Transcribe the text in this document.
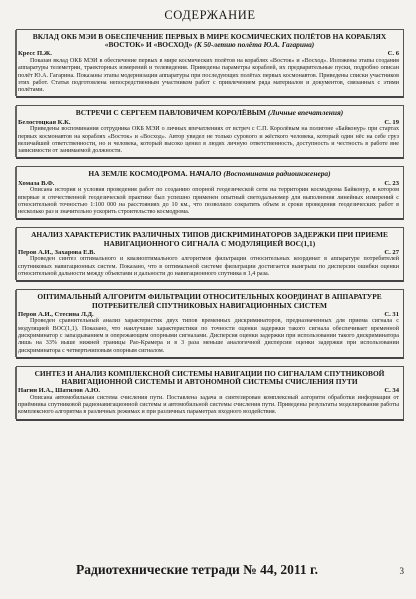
СОДЕРЖАНИЕ
ВКЛАД ОКБ МЭИ В ОБЕСПЕЧЕНИЕ ПЕРВЫХ В МИРЕ КОСМИЧЕСКИХ ПОЛЁТОВ НА КОРАБЛЯХ «ВОСТОК» И «ВОСХОД» (К 50-летию полёта Ю.А. Гагарина)
Кресс П.Ж.	С. 6

Показан вклад ОКБ МЭИ в обеспечение первых в мире космических полётов на кораблях «Восток» и «Восход». Изложены этапы создания аппаратуры телеметрии, траекторных измерений и телевидения. Приведены параметры кораблей, их предварительные пуски, подробно описан полёт Ю.А. Гагарина. Показаны этапы модернизации аппаратуры при последующих полётах первых космонавтов. Приведены списки участников этих работ. Статья подготовлена непосредственным участником работ с привлечением ряда материалов и документов, связанных с этими полётами.

ВСТРЕЧИ С СЕРГЕЕМ ПАВЛОВИЧЕМ КОРОЛЁВЫМ (Личные впечатления)
Белостоцкая К.К.	С. 19

Приведены воспоминания сотрудника ОКБ МЭИ о личных впечатлениях от встреч с С.П. Королёвым на полигоне «Байконур» при стартах первых космонавтов на кораблях «Восток» и «Восход». Автор увидел не только сурового и жёсткого человека, который один нёс на себе груз величайшей ответственности, но и человека, который высоко ценил в людях личную ответственность, доступность и честность в работе вне зависимости от занимаемой должности.

НА ЗЕМЛЕ КОСМОДРОМА. НАЧАЛО (Воспоминания радиоинженера)
Хомаза В.Ф.	С. 23

Описана история и условия проведения работ по созданию опорной геодезической сети на территории космодрома Байконур, в котором впервые в отечественной геодезической практике был успешно применен опытный светодальномер для выполнения линейных измерений с относительной точностью 1:100 000 на расстояниях до 10 км., что позволило сократить объем и сроки проведения геодезических работ в несколько раз и значительно ускорить строительство космодрома.

АНАЛИЗ ХАРАКТЕРИСТИК РАЗЛИЧНЫХ ТИПОВ ДИСКРИМИНАТОРОВ ЗАДЕРЖКИ ПРИ ПРИЕМЕ НАВИГАЦИОННОГО СИГНАЛА С МОДУЛЯЦИЕЙ BOC(1,1)
Перов А.И., Захарова Е.В.	С. 27

Проведен синтез оптимального и квазиоптимального алгоритмов фильтрации относительных координат в аппаратуре потребителей спутниковых навигационных систем. Показано, что в оптимальной системе фильтрации достигается выигрыш по дисперсии ошибки оценки относительной дальности между объектами и дальности до навигационного спутника в 1,4 раза.

ОПТИМАЛЬНЫЙ АЛГОРИТМ ФИЛЬТРАЦИИ ОТНОСИТЕЛЬНЫХ КООРДИНАТ В АППАРАТУРЕ ПОТРЕБИТЕЛЕЙ СПУТНИКОВЫХ НАВИГАЦИОННЫХ СИСТЕМ
Перов А.И., Стесина Л.Д.	С. 31

Проведен сравнительный анализ характеристик двух типов временных дискриминаторов, предназначенных для приема сигнала с модуляцией BOC(1,1). Показано, что наилучшие характеристики по точности оценки задержки такого сигнала обеспечивает временной дискриминатор с запаздыванием и опережающим опорными сигналами. Дисперсия оценки задержки при использовании такого дискриминатора лишь на 33% выше нижней границы Рао-Крамера и в 3 раза меньше аналогичной дисперсии оценки задержки при использовании дискриминатора с четвертьчиповым опорным сигналом.

СИНТЕЗ И АНАЛИЗ КОМПЛЕКСНОЙ СИСТЕМЫ НАВИГАЦИИ ПО СИГНАЛАМ СПУТНИКОВОЙ НАВИГАЦИОННОЙ СИСТЕМЫ И АВТОНОМНОЙ СИСТЕМЫ СЧИСЛЕНИЯ ПУТИ
Нагин И.А., Шатилов А.Ю.	С. 34

Описана автомобильная система счисления пути. Поставлена задача и синтезирован комплексный алгоритм обработки информации от приёмника спутниковой радионавигационной системы и автомобильной системы счисления пути. Приведены результаты моделирования работы комплексного алгоритма в различных режимах и при различных параметрах входного воздействия.

Радиотехнические тетради № 44, 2011 г.	3
